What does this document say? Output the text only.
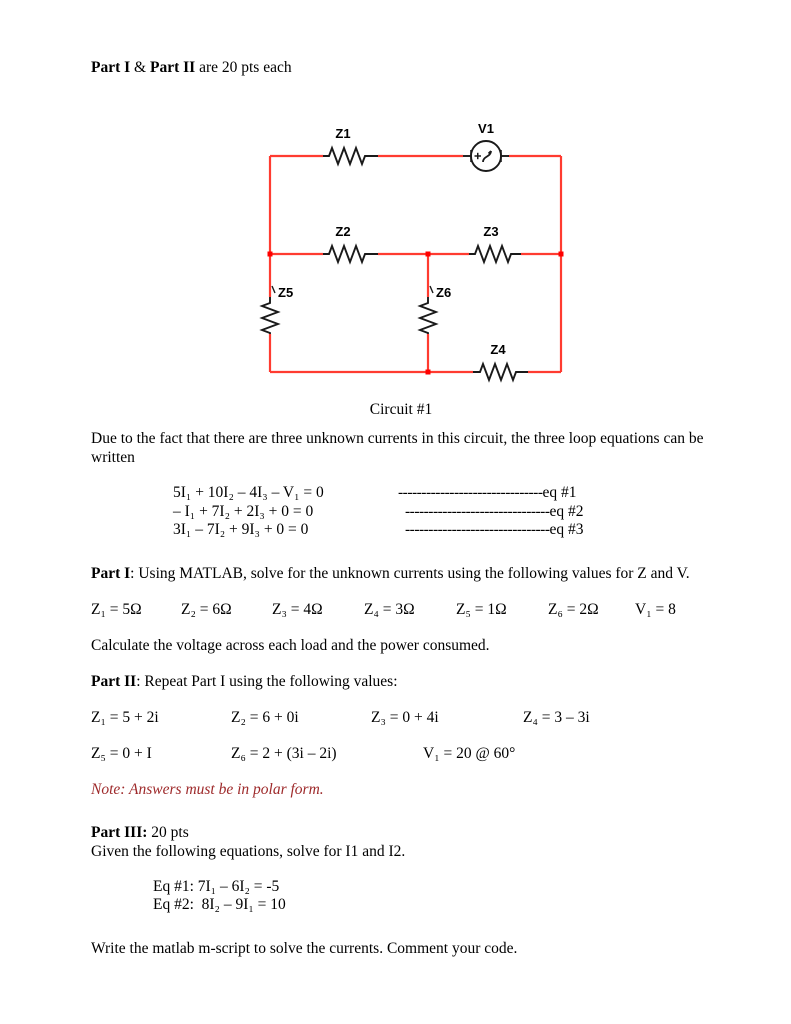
Part I & Part II are 20 pts each

Z1
Z2	Z3
Z4
Z5	Z6
V1
Circuit #1

Due to the fact that there are three unknown currents in this circuit, the three loop equations can be

written

5I₁ + 10I₂ – 4I₃ – V₁ = 0	-------------------------------eq #1
– I₁ + 7I₂ + 2I₃ + 0 = 0	-------------------------------eq #2
3I₁ – 7I₂ + 9I₃ + 0 = 0	-------------------------------eq #3

Part I: Using MATLAB, solve for the unknown currents using the following values for Z and V.

Z₁ = 5Ω	Z₂ = 6Ω	Z₃ = 4Ω	Z₄ = 3Ω	Z₅ = 1Ω	Z₆ = 2Ω V₁ = 8

Calculate the voltage across each load and the power consumed.

Part II: Repeat Part I using the following values:

Z₁ = 5 + 2i	Z₂ = 6 + 0i	Z₃ = 0 + 4i	Z₄ = 3 – 3i
Z₅ = 0 + I	Z₆ = 2 + (3i – 2i)	V₁ = 20 @ 60°

Note: Answers must be in polar form.

Part III: 20 pts

Given the following equations, solve for I1 and I2.

Eq #1: 7I₁ – 6I₂ = -5
Eq #2:  8I₂ – 9I₁ = 10

Write the matlab m-script to solve the currents. Comment your code.
